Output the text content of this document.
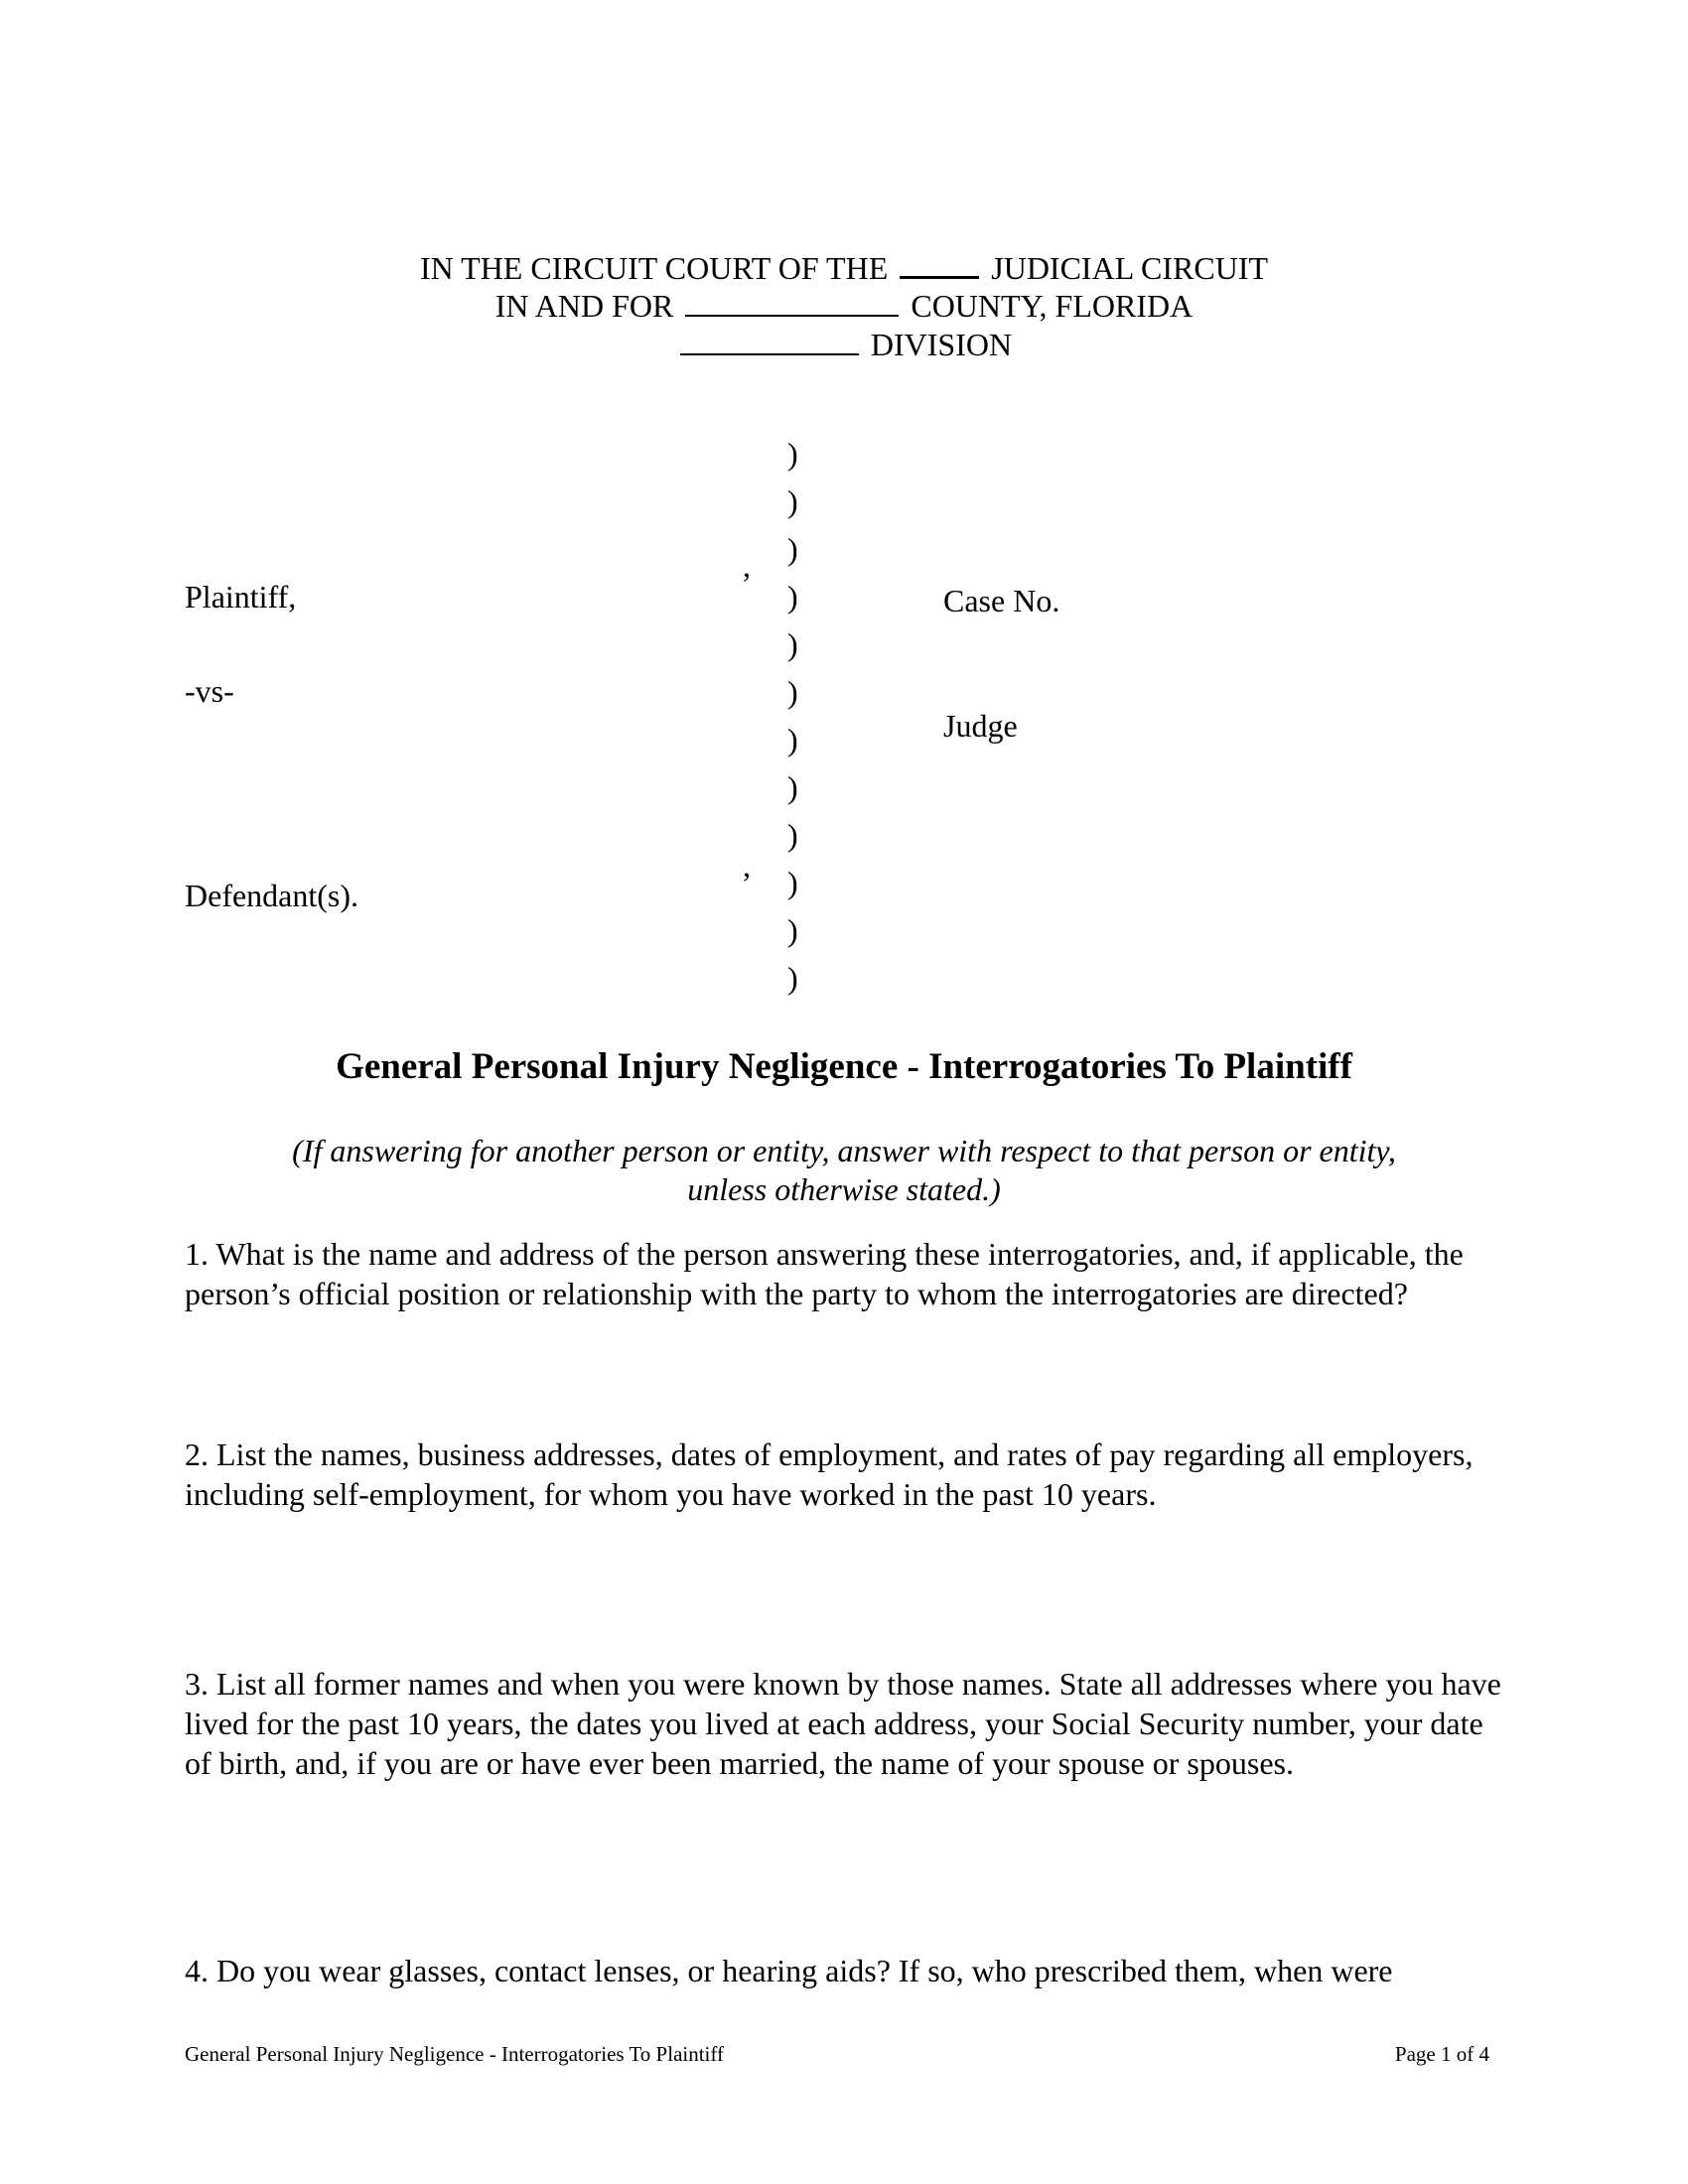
IN THE CIRCUIT COURT OF THE	JUDICIAL CIRCUIT
IN AND FOR	COUNTY, FLORIDA
DIVISION
Plaintiff,
-vs-
Defendant(s).
,
,
)
)
)
)
)
)
)
)
)
)
)
)
Case No.
Judge
General Personal Injury Negligence - Interrogatories To Plaintiff
(If answering for another person or entity, answer with respect to that person or entity,
unless otherwise stated.)
1. What is the name and address of the person answering these interrogatories, and, if applicable, the person’s official position or relationship with the party to whom the interrogatories are directed?
2. List the names, business addresses, dates of employment, and rates of pay regarding all employers, including self-employment, for whom you have worked in the past 10 years.
3. List all former names and when you were known by those names. State all addresses where you have lived for the past 10 years, the dates you lived at each address, your Social Security number, your date of birth, and, if you are or have ever been married, the name of your spouse or spouses.
4. Do you wear glasses, contact lenses, or hearing aids? If so, who prescribed them, when were
General Personal Injury Negligence - Interrogatories To Plaintiff	Page 1 of 4
